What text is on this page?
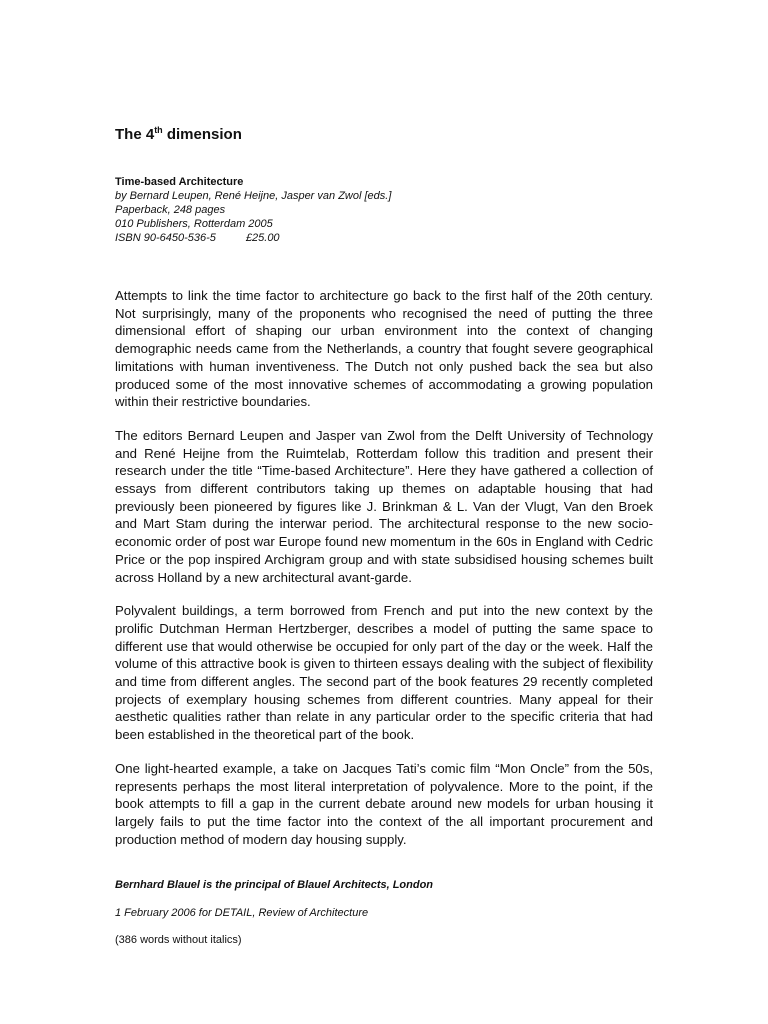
The 4th dimension
Time-based Architecture
by Bernard Leupen, René Heijne, Jasper van Zwol [eds.]
Paperback, 248 pages
010 Publishers, Rotterdam 2005
ISBN 90-6450-536-5	£25.00

Attempts to link the time factor to architecture go back to the first half of the 20th century. Not surprisingly, many of the proponents who recognised the need of putting the three dimensional effort of shaping our urban environment into the context of changing demographic needs came from the Netherlands, a country that fought severe geographical limitations with human inventiveness. The Dutch not only pushed back the sea but also produced some of the most innovative schemes of accommodating a growing population within their restrictive boundaries.

The editors Bernard Leupen and Jasper van Zwol from the Delft University of Technology and René Heijne from the Ruimtelab, Rotterdam follow this tradition and present their research under the title “Time-based Architecture”. Here they have gathered a collection of essays from different contributors taking up themes on adaptable housing that had previously been pioneered by figures like J. Brinkman & L. Van der Vlugt, Van den Broek and Mart Stam during the interwar period. The architectural response to the new socio-economic order of post war Europe found new momentum in the 60s in England with Cedric Price or the pop inspired Archigram group and with state subsidised housing schemes built across Holland by a new architectural avant-garde.

Polyvalent buildings, a term borrowed from French and put into the new context by the prolific Dutchman Herman Hertzberger, describes a model of putting the same space to different use that would otherwise be occupied for only part of the day or the week. Half the volume of this attractive book is given to thirteen essays dealing with the subject of flexibility and time from different angles. The second part of the book features 29 recently completed projects of exemplary housing schemes from different countries. Many appeal for their aesthetic qualities rather than relate in any particular order to the specific criteria that had been established in the theoretical part of the book.

One light-hearted example, a take on Jacques Tati’s comic film “Mon Oncle” from the 50s, represents perhaps the most literal interpretation of polyvalence. More to the point, if the book attempts to fill a gap in the current debate around new models for urban housing it largely fails to put the time factor into the context of the all important procurement and production method of modern day housing supply.

Bernhard Blauel is the principal of Blauel Architects, London
1 February 2006 for DETAIL, Review of Architecture
(386 words without italics)
